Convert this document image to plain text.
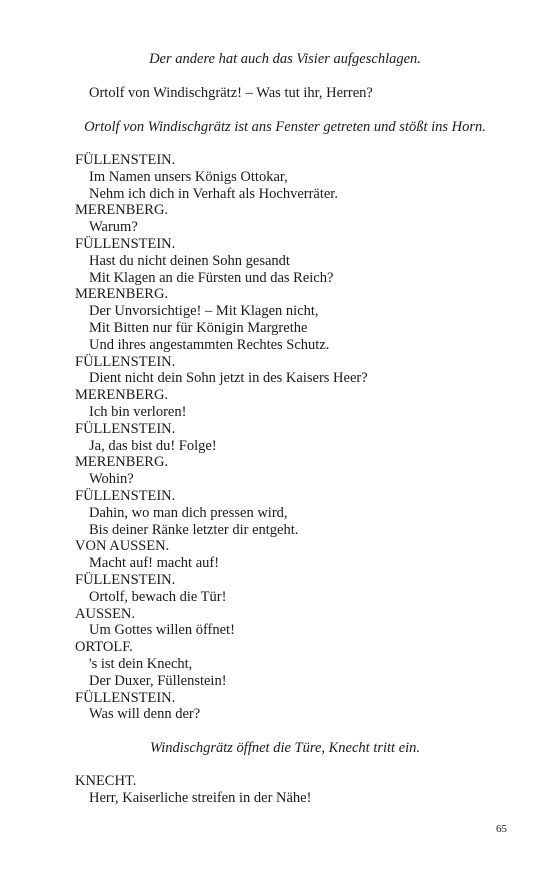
Der andere hat auch das Visier aufgeschlagen.
Ortolf von Windischgrätz! – Was tut ihr, Herren?
Ortolf von Windischgrätz ist ans Fenster getreten und stößt ins Horn.
FÜLLENSTEIN.
Im Namen unsers Königs Ottokar,
Nehm ich dich in Verhaft als Hochverräter.
MERENBERG.
Warum?
FÜLLENSTEIN.
Hast du nicht deinen Sohn gesandt
Mit Klagen an die Fürsten und das Reich?
MERENBERG.
Der Unvorsichtige! – Mit Klagen nicht,
Mit Bitten nur für Königin Margrethe
Und ihres angestammten Rechtes Schutz.
FÜLLENSTEIN.
Dient nicht dein Sohn jetzt in des Kaisers Heer?
MERENBERG.
Ich bin verloren!
FÜLLENSTEIN.
Ja, das bist du! Folge!
MERENBERG.
Wohin?
FÜLLENSTEIN.
Dahin, wo man dich pressen wird,
Bis deiner Ränke letzter dir entgeht.
VON AUSSEN.
Macht auf! macht auf!
FÜLLENSTEIN.
Ortolf, bewach die Tür!
AUSSEN.
Um Gottes willen öffnet!
ORTOLF.
's ist dein Knecht,
Der Duxer, Füllenstein!
FÜLLENSTEIN.
Was will denn der?
Windischgrätz öffnet die Türe, Knecht tritt ein.
KNECHT.
Herr, Kaiserliche streifen in der Nähe!
65
